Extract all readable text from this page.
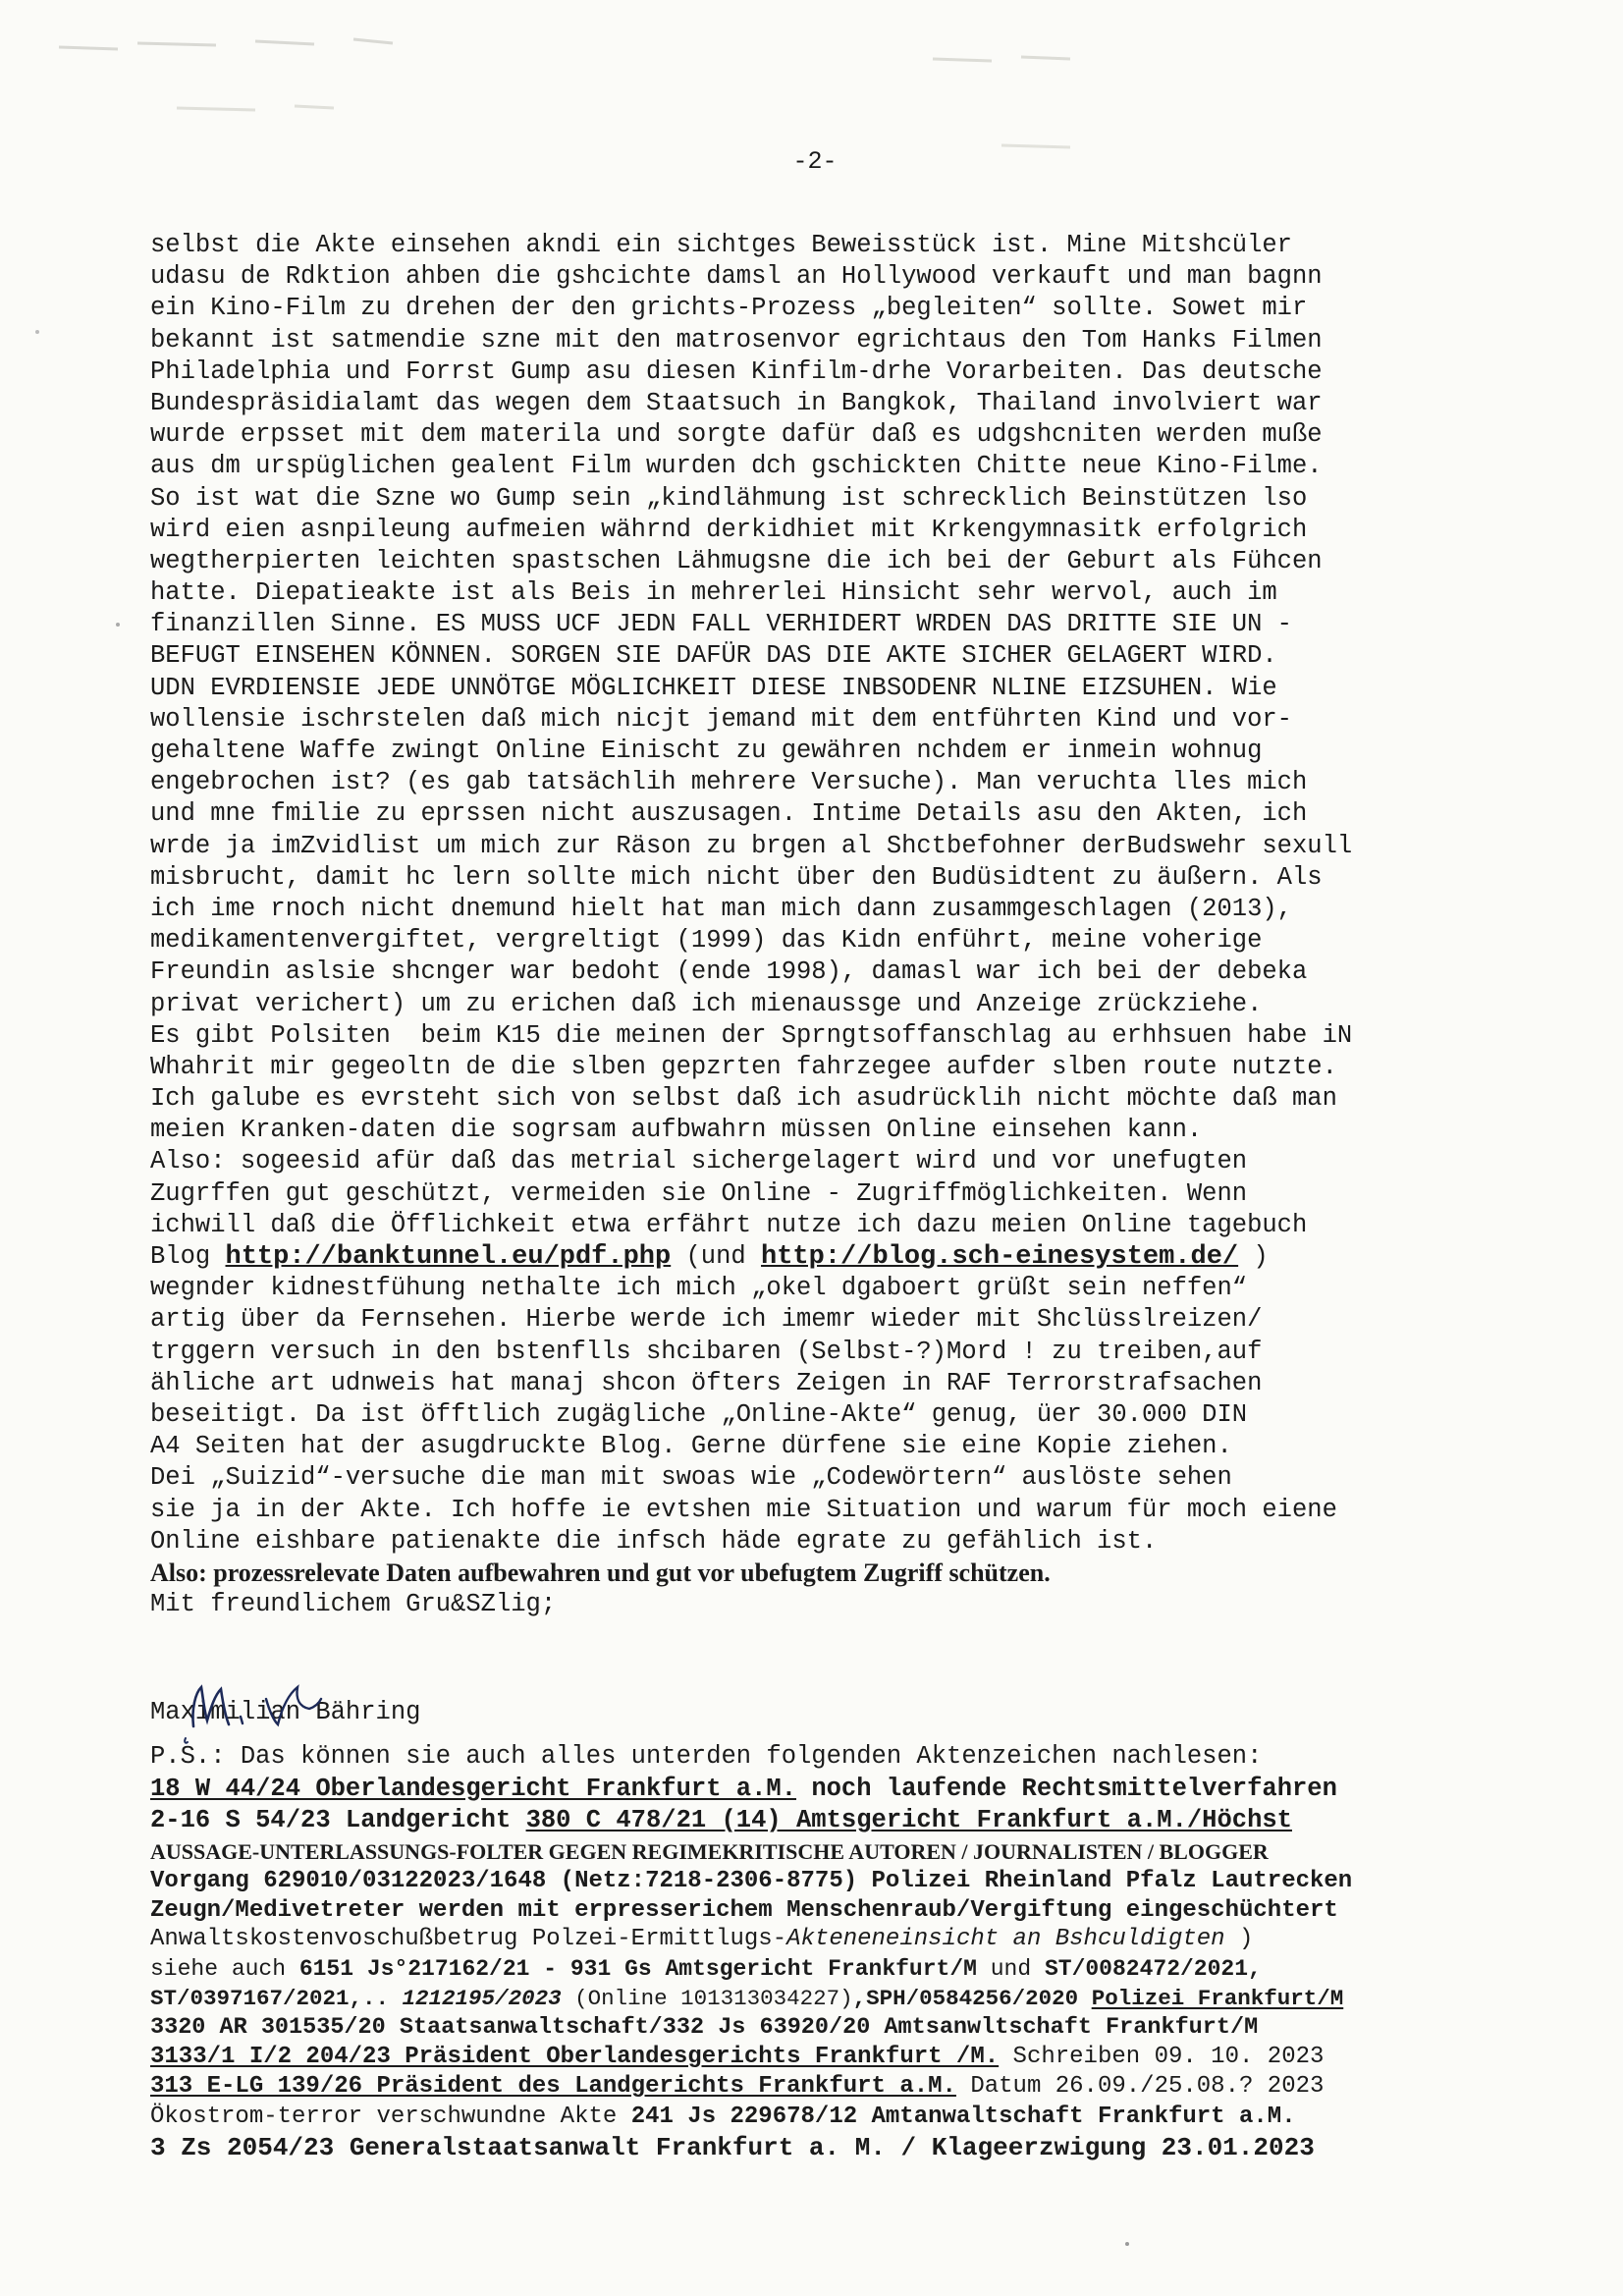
-2-
selbst die Akte einsehen akndi ein sichtges Beweisstück ist. Mine Mitshcüler
udasu de Rdktion ahben die gshcichte damsl an Hollywood verkauft und man bagnn
ein Kino-Film zu drehen der den grichts-Prozess „begleiten“ sollte. Sowet mir
bekannt ist satmendie szne mit den matrosenvor egrichtaus den Tom Hanks Filmen
Philadelphia und Forrst Gump asu diesen Kinfilm-drhe Vorarbeiten. Das deutsche
Bundespräsidialamt das wegen dem Staatsuch in Bangkok, Thailand involviert war
wurde erpsset mit dem materila und sorgte dafür daß es udgshcniten werden muße
aus dm urspüglichen gealent Film wurden dch gschickten Chitte neue Kino-Filme.
So ist wat die Szne wo Gump sein „kindlähmung ist schrecklich Beinstützen lso
wird eien asnpileung aufmeien währnd derkidhiet mit Krkengymnasitk erfolgrich
wegtherpierten leichten spastschen Lähmugsne die ich bei der Geburt als Fühcen
hatte. Diepatieakte ist als Beis in mehrerlei Hinsicht sehr wervol, auch im
finanzillen Sinne. ES MUSS UCF JEDN FALL VERHIDERT WRDEN DAS DRITTE SIE UN -
BEFUGT EINSEHEN KÖNNEN. SORGEN SIE DAFÜR DAS DIE AKTE SICHER GELAGERT WIRD.
UDN EVRDIENSIE JEDE UNNÖTGE MÖGLICHKEIT DIESE INBSODENR NLINE EIZSUHEN. Wie
wollensie ischrstelen daß mich nicjt jemand mit dem entführten Kind und vor-
gehaltene Waffe zwingt Online Einischt zu gewähren nchdem er inmein wohnug
engebrochen ist? (es gab tatsächlih mehrere Versuche). Man veruchta lles mich
und mne fmilie zu eprssen nicht auszusagen. Intime Details asu den Akten, ich
wrde ja imZvidlist um mich zur Räson zu brgen al Shctbefohner derBudswehr sexull
misbrucht, damit hc lern sollte mich nicht über den Budüsidtent zu äußern. Als
ich ime rnoch nicht dnemund hielt hat man mich dann zusammgeschlagen (2013),
medikamentenvergiftet, vergreltigt (1999) das Kidn enführt, meine voherige
Freundin aslsie shcnger war bedoht (ende 1998), damasl war ich bei der debeka
privat verichert) um zu erichen daß ich mienaussge und Anzeige zrückziehe.
Es gibt Polsiten  beim K15 die meinen der Sprngtsoffanschlag au erhhsuen habe iN
Whahrit mir gegeoltn de die slben gepzrten fahrzegee aufder slben route nutzte.
Ich galube es evrsteht sich von selbst daß ich asudrücklih nicht möchte daß man
meien Kranken-daten die sogrsam aufbwahrn müssen Online einsehen kann.
Also: sogeesid afür daß das metrial sichergelagert wird und vor unefugten
Zugrffen gut geschützt, vermeiden sie Online - Zugriffmöglichkeiten. Wenn
ichwill daß die Öfflichkeit etwa erfährt nutze ich dazu meien Online tagebuch
Blog http://banktunnel.eu/pdf.php (und http://blog.sch-einesystem.de/ )
wegnder kidnestfühung nethalte ich mich „okel dgaboert grüßt sein neffen“
artig über da Fernsehen. Hierbe werde ich imemr wieder mit Shclüsslreizen/
trggern versuch in den bstenflls shcibaren (Selbst-?)Mord ! zu treiben,auf
ähliche art udnweis hat manaj shcon öfters Zeigen in RAF Terrorstrafsachen
beseitigt. Da ist öfftlich zugägliche „Online-Akte“ genug, üer 30.000 DIN
A4 Seiten hat der asugdruckte Blog. Gerne dürfene sie eine Kopie ziehen.
Dei „Suizid“-versuche die man mit swoas wie „Codewörtern“ auslöste sehen
sie ja in der Akte. Ich hoffe ie evtshen mie Situation und warum für moch eiene
Online eishbare patienakte die infsch häde egrate zu gefählich ist.
Also: prozessrelevate Daten aufbewahren und gut vor ubefugtem Zugriff schützen.
Mit freundlichem Gru&SZlig;
Maximilian Bähring
P.S.: Das können sie auch alles unterden folgenden Aktenzeichen nachlesen:
18 W 44/24 Oberlandesgericht Frankfurt a.M. noch laufende Rechtsmittelverfahren
2-16 S 54/23 Landgericht 380 C 478/21 (14) Amtsgericht Frankfurt a.M./Höchst
AUSSAGE-UNTERLASSUNGS-FOLTER GEGEN REGIMEKRITISCHE AUTOREN / JOURNALISTEN / BLOGGER
Vorgang 629010/03122023/1648 (Netz:7218-2306-8775) Polizei Rheinland Pfalz Lautrecken
Zeugn/Medivetreter werden mit erpresserichem Menschenraub/Vergiftung eingeschüchtert
Anwaltskostenvoschußbetrug Polzei-Ermittlugs-Akteneneinsicht an Bshculdigten )
siehe auch 6151 Js°217162/21 - 931 Gs Amtsgericht Frankfurt/M und ST/0082472/2021,
ST/0397167/2021,.. 1212195/2023 (Online 101313034227),SPH/0584256/2020 Polizei Frankfurt/M
3320 AR 301535/20 Staatsanwaltschaft/332 Js 63920/20 Amtsanwltschaft Frankfurt/M
3133/1 I/2 204/23 Präsident Oberlandesgerichts Frankfurt /M. Schreiben 09. 10. 2023
313 E-LG 139/26 Präsident des Landgerichts Frankfurt a.M. Datum 26.09./25.08.? 2023
Ökostrom-terror verschwundne Akte 241 Js 229678/12 Amtanwaltschaft Frankfurt a.M.
3 Zs 2054/23 Generalstaatsanwalt Frankfurt a. M. / Klageerzwigung 23.01.2023
